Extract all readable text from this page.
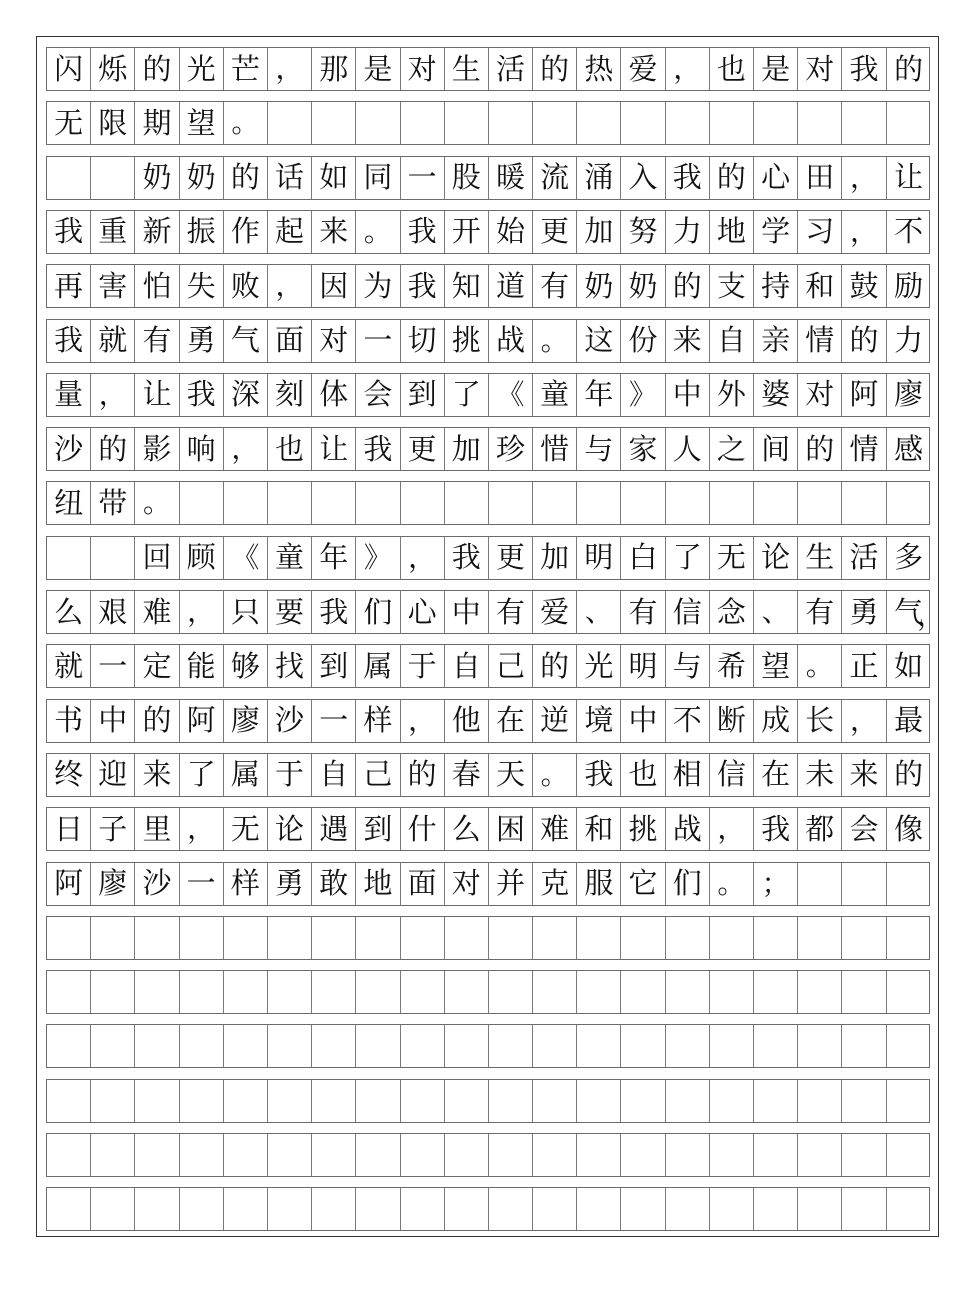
闪 烁 的 光 芒 ， 那 是 对 生 活 的 热 爱 ， 也 是 对 我 的
无 限 期 望 。
奶 奶 的 话 如 同 一 股 暖 流 涌 入 我 的 心 田 ， 让
我 重 新 振 作 起 来 。 我 开 始 更 加 努 力 地 学 习 ， 不
再 害 怕 失 败 ， 因 为 我 知 道 有 奶 奶 的 支 持 和 鼓 励
我 就 有 勇 气 面 对 一 切 挑 战 。 这 份 来 自 亲 情 的 力
量 ， 让 我 深 刻 体 会 到 了 《 童 年 》 中 外 婆 对 阿 廖
沙 的 影 响 ， 也 让 我 更 加 珍 惜 与 家 人 之 间 的 情 感
纽 带 。
回 顾 《 童 年 》 ， 我 更 加 明 白 了 无 论 生 活 多
么 艰 难 ， 只 要 我 们 心 中 有 爱 、 有 信 念 、 有 勇 气
就 一 定 能 够 找 到 属 于 自 己 的 光 明 与 希 望 。 正 如
书 中 的 阿 廖 沙 一 样 ， 他 在 逆 境 中 不 断 成 长 ， 最
终 迎 来 了 属 于 自 己 的 春 天 。 我 也 相 信 在 未 来 的
日 子 里 ， 无 论 遇 到 什 么 困 难 和 挑 战 ， 我 都 会 像
阿 廖 沙 一 样 勇 敢 地 面 对 并 克 服 它 们 。 ；
，
